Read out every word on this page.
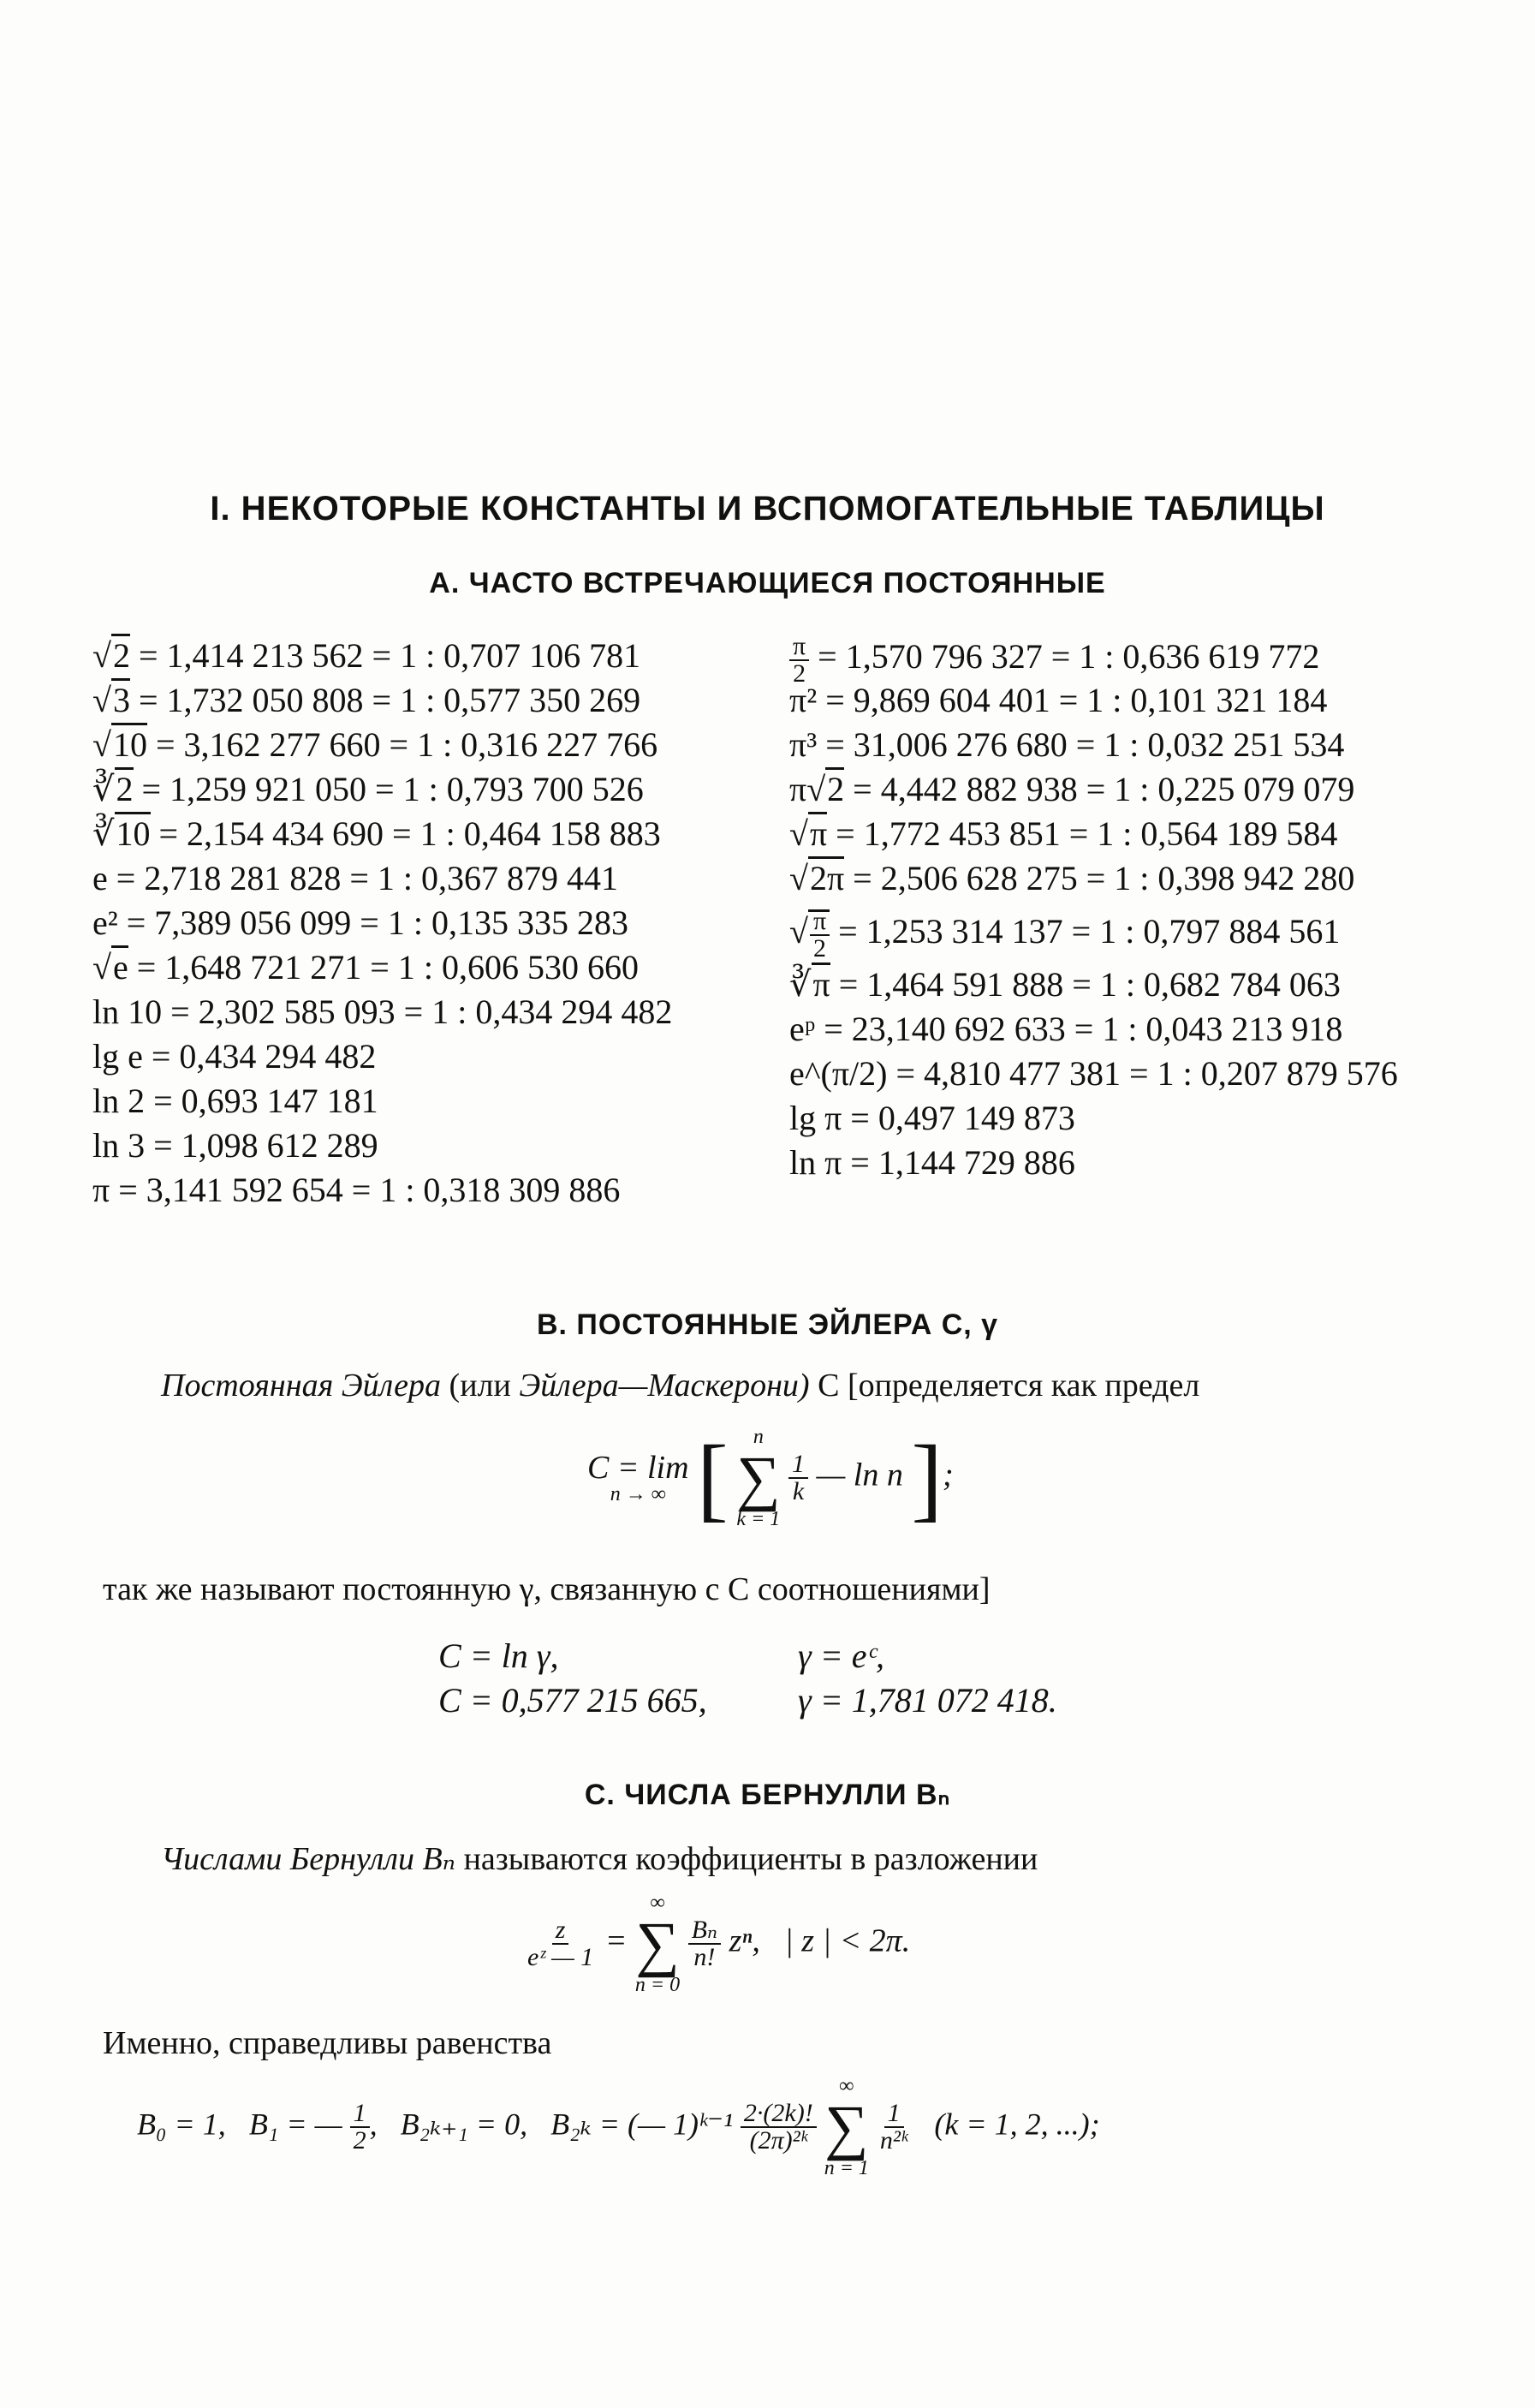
I. НЕКОТОРЫЕ КОНСТАНТЫ И ВСПОМОГАТЕЛЬНЫЕ ТАБЛИЦЫ
А. ЧАСТО ВСТРЕЧАЮЩИЕСЯ ПОСТОЯННЫЕ
√2 = 1,414 213 562 = 1 : 0,707 106 781
√3 = 1,732 050 808 = 1 : 0,577 350 269
√10 = 3,162 277 660 = 1 : 0,316 227 766
∛2 = 1,259 921 050 = 1 : 0,793 700 526
∛10 = 2,154 434 690 = 1 : 0,464 158 883
e = 2,718 281 828 = 1 : 0,367 879 441
e² = 7,389 056 099 = 1 : 0,135 335 283
√e = 1,648 721 271 = 1 : 0,606 530 660
ln 10 = 2,302 585 093 = 1 : 0,434 294 482
lg e = 0,434 294 482
ln 2 = 0,693 147 181
ln 3 = 1,098 612 289
π = 3,141 592 654 = 1 : 0,318 309 886
$\frac{\pi}{2} = 1,570$ 796 327 = 1 : 0,636 619 772
π² = 9,869 604 401 = 1 : 0,101 321 184
π³ = 31,006 276 680 = 1 : 0,032 251 534
π√2 = 4,442 882 938 = 1 : 0,225 079 079
√π = 1,772 453 851 = 1 : 0,564 189 584
√2π = 2,506 628 275 = 1 : 0,398 942 280
√ $\frac{\pi}{2} = 1,253$ 314 137 = 1 : 0,797 884 561
∛π = 1,464 591 888 = 1 : 0,682 784 063
eᵖ = 23,140 692 633 = 1 : 0,043 213 918
e^(π/2) = 4,810 477 381 = 1 : 0,207 879 576
lg π = 0,497 149 873
ln π = 1,144 729 886
В. ПОСТОЯННЫЕ ЭЙЛЕРА C, γ
Постоянная Эйлера (или Эйлера—Маскерони) C [определяется как предел
C = lim
n → ∞ [ n
∑
k = 1

$\frac{1}{k}$ — ln n ];
так же называют постоянную γ, связанную с C соотношениями]
C = ln γ,	γ = eᶜ,
C = 0,577 215 665,	γ = 1,781 072 418.
С. ЧИСЛА БЕРНУЛЛИ Bₙ
Числами Бернулли Bₙ называются коэффициенты в разложении
$\frac{z}{\text{eᶻ — 1}}$ =
∞
∑
n = 0

$\frac{\text{Bₙ}}{n!} z^n$, | z | < 2π.
Именно, справедливы равенства
B₀ = 1, B₁ = — $\frac{1}{2}$ ,   B₂ₖ₊₁ = 0, B₂ₖ = (— 1)ᵏ⁻¹ $\frac{2\cdot(2k)!}{\text{(2π)²ᵏ}}$

∞
∑
n = 1

$\frac{1}{\text{n²ᵏ}} (k = 1$, 2, ...);
